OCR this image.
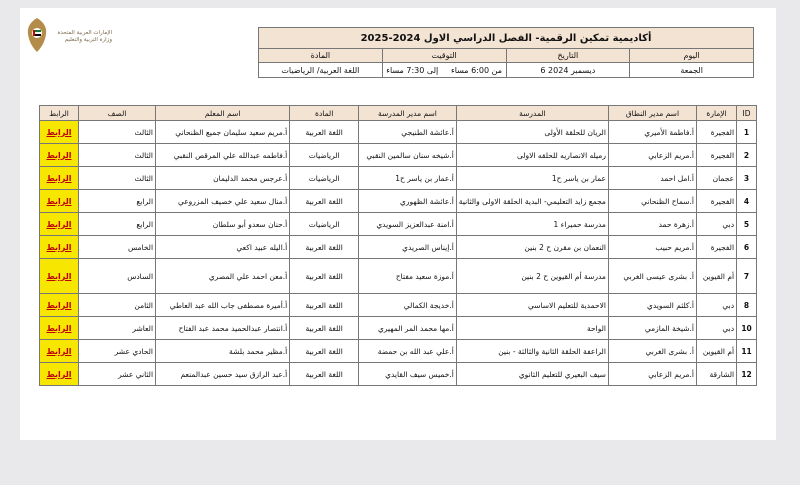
الإمارات العربية المتحدة
وزارة التربية والتعليم	أكاديمية تمكين الرقمية- الفصل الدراسي الاول 2024-2025			
المادة	التوقيت	التاريخ	اليوم
اللغة العربية/ الرياضيات	من 6:00 مساء     إلى 7:30 مساء	6 ديسمبر 2024	الجمعة
ID	الإمارة	اسم مدير النطاق	المدرسة	اسم مدير المدرسة	المادة	اسم المعلم	الصف	الرابط
1	الفجيرة	أ.فاطمة الأميري	الريان للحلقة الأولى	أ.عائشة الطنيجي	اللغة العربية	أ.مريم سعيد سليمان جميع الظنحاني	الثالث	الرابط
2	الفجيرة	أ.مريم الزعابي	رميله الانصاريه للحلقه الاولى	أ.شيخه سنان سالمين النقبي	الرياضيات	أ.فاطمه عبدالله علي المرقص النقبي	الثالث	الرابط
3	عجمان	أ.امل احمد	عمار بن ياسر ح1	أ.عمار بن ياسر ح1	الرياضيات	أ.عرجس محمد الدليمان	الثالث	الرابط
4	الفجيرة	أ.سماح الظنحاني	مجمع زايد التعليمي- البدية الحلقة الاولى والثانية	أ.عائشة الظهوري	اللغة العربية	أ.منال سعيد علي خصيف المزروعي	الرابع	الرابط
5	دبي	أ.زهرة حمد	مدرسة حميراء 1	أ.امنة عبدالعزيز السويدي	الرياضيات	أ.حنان سعدو أبو سلطان	الرابع	الرابط
6	الفجيرة	أ.مريم حبيب	النعمان بن مقرن ح 2 بنين	أ.إيناس الصريدي	اللغة العربية	أ.اليله عبيد اكعي	الخامس	الرابط
7	أم القيوين	أ. بشرى عيسى الغربي	مدرسة أم القيوين ح 2 بنين	أ.موزة سعيد مفتاح	اللغة العربية	أ.معن احمد علي المصري	السادس	الرابط
8	دبي	أ.كلثم السويدي	الاحمدية للتعليم الاساسي	أ.خديجة الكمالي	اللغة العربية	أ.أميرة مصطفى جاب الله عبد العاطي	الثامن	الرابط
10	دبي	أ.شيخة المازمي	الواحة	أ.مها محمد المر المهيري	اللغة العربية	أ.انتصار عبدالحميد محمد عبد الفتاح	العاشر	الرابط
11	أم القيوين	أ. بشرى الغربي	الراعفة الحلقة الثانية والثالثة - بنين	أ.علي عبد الله بن حمضة	اللغة العربية	أ.مظير محمد بلشة	الحادي عشر	الرابط
12	الشارقة	أ.مريم الزعابي	سيف البعيري للتعليم الثانوي	أ.خميس سيف القايدي	اللغة العربية	أ.عبد الرازق سيد حسين عبدالمنعم	الثاني عشر	الرابط
